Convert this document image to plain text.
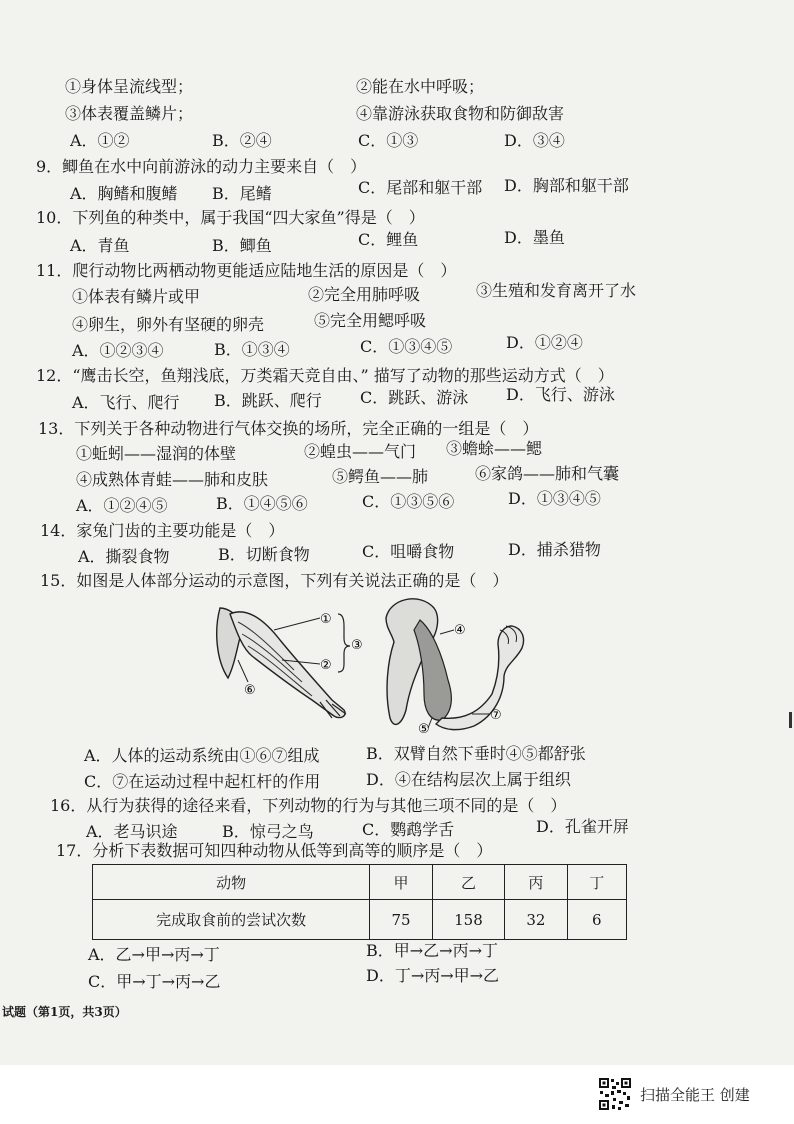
①身体呈流线型；	②能在水中呼吸；
③体表覆盖鳞片；	④靠游泳获取食物和防御敌害
A．①②	B．②④	C．①③	D．③④
9．鲫鱼在水中向前游泳的动力主要来自（　）
A．胸鳍和腹鳍 B．尾鳍	C．尾部和躯干部 D．胸部和躯干部
10．下列鱼的种类中，属于我国“四大家鱼”得是（　）
A．青鱼	B．鲫鱼	C．鲤鱼	D．墨鱼
11．爬行动物比两栖动物更能适应陆地生活的原因是（　）
①体表有鳞片或甲	②完全用肺呼吸	③生殖和发育离开了水
④卵生，卵外有坚硬的卵壳	⑤完全用鳃呼吸
A．①②③④	B．①③④	C．①③④⑤	D．①②④
12．“鹰击长空，鱼翔浅底，万类霜天竞自由、” 描写了动物的那些运动方式（　）
A．飞行、爬行 B．跳跃、爬行 C．跳跃、游泳 D．飞行、游泳
13．下列关于各种动物进行气体交换的场所，完全正确的一组是（　）
①蚯蚓——湿润的体壁	②蝗虫——气门 ③蟾蜍——鳃
④成熟体青蛙——肺和皮肤	⑤鳄鱼——肺	⑥家鸽——肺和气囊
A．①②④⑤	B．①④⑤⑥	C．①③⑤⑥	D．①③④⑤
14．家兔门齿的主要功能是（　）
A．撕裂食物	B．切断食物	C．咀嚼食物	D．捕杀猎物
15．如图是人体部分运动的示意图，下列有关说法正确的是（　）
①
②
③
⑥
④
⑤
⑦
A．人体的运动系统由①⑥⑦组成	B．双臂自然下垂时④⑤都舒张
C．⑦在运动过程中起杠杆的作用	D．④在结构层次上属于组织
16．从行为获得的途径来看，下列动物的行为与其他三项不同的是（　）
A．老马识途	B．惊弓之鸟	C．鹦鹉学舌	D．孔雀开屏
17．分析下表数据可知四种动物从低等到高等的顺序是（　）
动物	甲	乙	丙	丁
完成取食前的尝试次数	75	158	32	6
A．乙→甲→丙→丁	B．甲→乙→丙→丁
C．甲→丁→丙→乙	D．丁→丙→甲→乙
试题（第1页，共3页）
扫描全能王 创建
